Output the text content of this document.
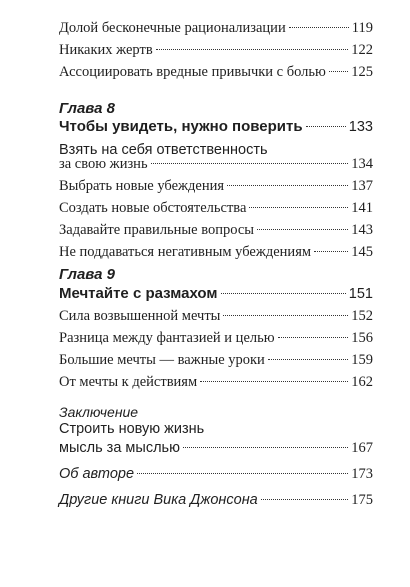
Долой бесконечные рационализации	119
Никаких жертв	122
Ассоциировать вредные привычки с болью 125
Глава 8
Чтобы увидеть, нужно поверить	133
Взять на себя ответственность
за свою жизнь	134
Выбрать новые убеждения	137
Создать новые обстоятельства	141
Задавайте правильные вопросы	143
Не поддаваться негативным убеждениям	145
Глава 9
Мечтайте с размахом	151
Сила возвышенной мечты	152
Разница между фантазией и целью	156
Большие мечты — важные уроки	159
От мечты к действиям	162
Заключение
Строить новую жизнь
мысль за мыслью	167
Об авторе	173
Другие книги Вика Джонсона	175
